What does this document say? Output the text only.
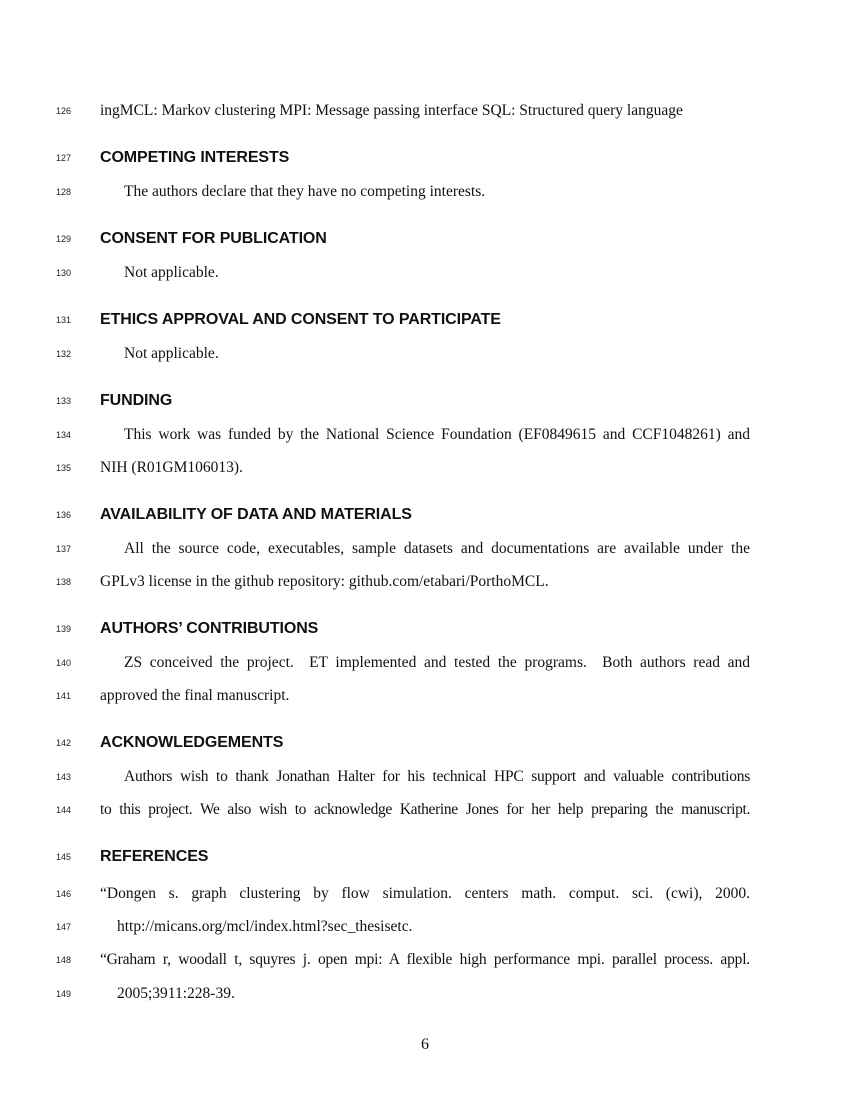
126 ingMCL: Markov clustering MPI: Message passing interface SQL: Structured query language
127 COMPETING INTERESTS
128	The authors declare that they have no competing interests.
129 CONSENT FOR PUBLICATION
130	Not applicable.
131 ETHICS APPROVAL AND CONSENT TO PARTICIPATE
132	Not applicable.
133 FUNDING
134	This work was funded by the National Science Foundation (EF0849615 and CCF1048261) and
135 NIH (R01GM106013).
136 AVAILABILITY OF DATA AND MATERIALS
137	All the source code, executables, sample datasets and documentations are available under the
138 GPLv3 license in the github repository: github.com/etabari/PorthoMCL.
139 AUTHORS’ CONTRIBUTIONS
140	ZS conceived the project.  ET implemented and tested the programs.  Both authors read and
141 approved the final manuscript.
142 ACKNOWLEDGEMENTS
143	Authors wish to thank Jonathan Halter for his technical HPC support and valuable contributions
144 to this project. We also wish to acknowledge Katherine Jones for her help preparing the manuscript.
145 REFERENCES
146 “Dongen s. graph clustering by flow simulation. centers math. comput. sci. (cwi), 2000.
147	http://micans.org/mcl/index.html?sec_thesisetc.
148 “Graham r, woodall t, squyres j. open mpi: A flexible high performance mpi. parallel process. appl.
149	2005;3911:228-39.
6
